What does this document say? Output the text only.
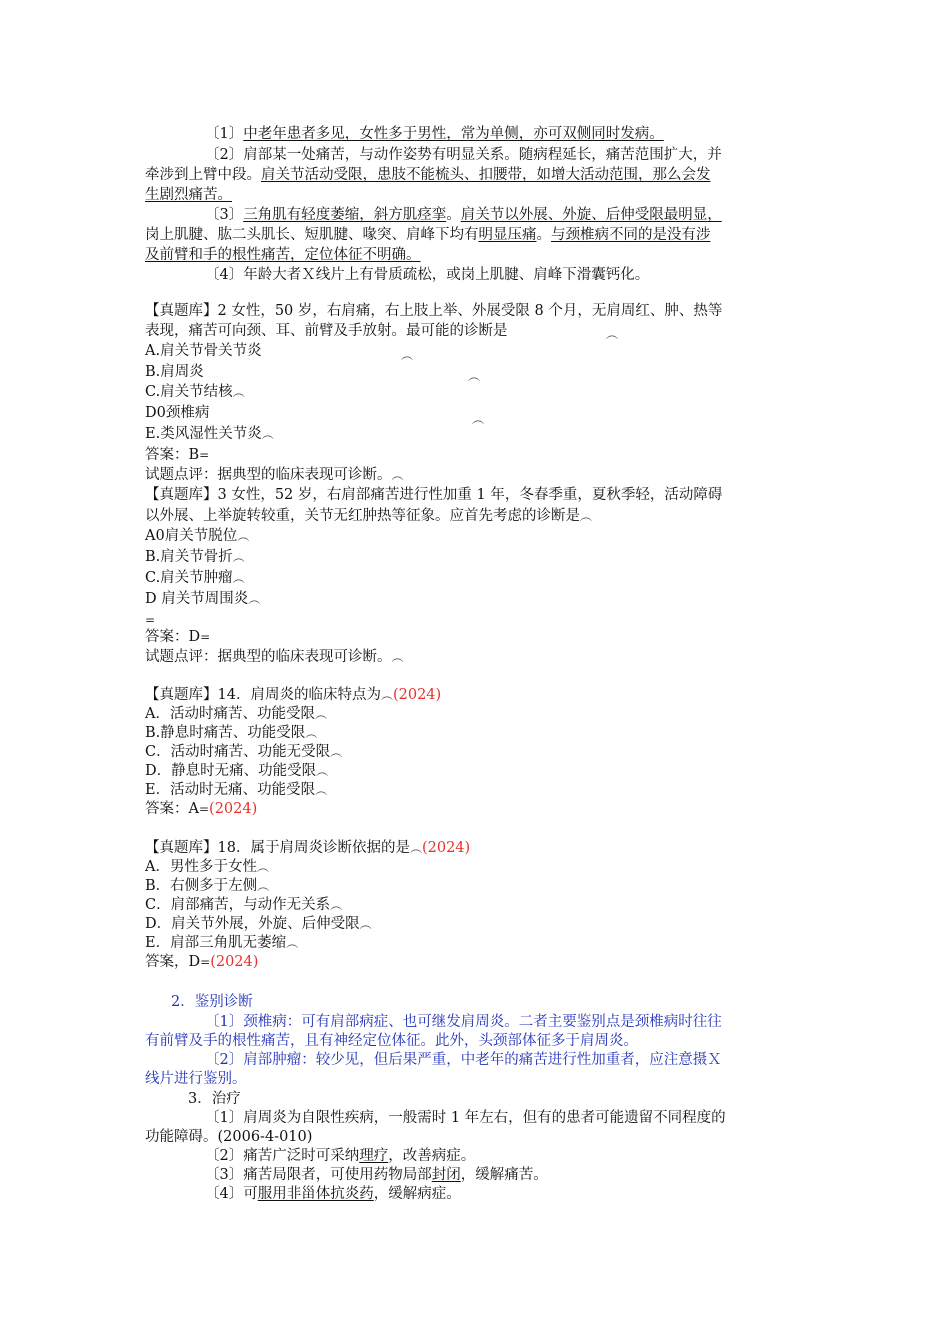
〔1〕中老年患者多见，女性多于男性，常为单侧，亦可双侧同时发病。
〔2〕肩部某一处痛苦，与动作姿势有明显关系。随病程延长，痛苦范围扩大，并
牵涉到上臂中段。肩关节活动受限，患肢不能梳头、扣腰带，如增大活动范围，那么会发
生剧烈痛苦。
〔3〕三角肌有轻度萎缩，斜方肌痉挛。肩关节以外展、外旋、后伸受限最明显，
岗上肌腱、肱二头肌长、短肌腱、喙突、肩峰下均有明显压痛。与颈椎病不同的是没有涉
及前臂和手的根性痛苦，定位体征不明确。
〔4〕年龄大者Ｘ线片上有骨质疏松，或岗上肌腱、肩峰下滑囊钙化。
【真题库】2 女性，50 岁，右肩痛，右上肢上举、外展受限 8 个月，无肩周红、肿、热等
表现，痛苦可向颈、耳、前臂及手放射。最可能的诊断是	︵
A.肩关节骨关节炎	︵
B.肩周炎	︵
C.肩关节结核︵
D0颈椎病	︵
E.类风湿性关节炎︵
答案：B=
试题点评：据典型的临床表现可诊断。︵
【真题库】3 女性，52 岁，右肩部痛苦进行性加重 1 年，冬春季重，夏秋季轻，活动障碍
以外展、上举旋转较重，关节无红肿热等征象。应首先考虑的诊断是︵
A0肩关节脱位︵
B.肩关节骨折︵
C.肩关节肿瘤︵
D 肩关节周围炎︵
=
答案：D=
试题点评：据典型的临床表现可诊断。︵
【真题库】14．肩周炎的临床特点为︵(2024)
A．活动时痛苦、功能受限︵
B.静息时痛苦、功能受限︵
C．活动时痛苦、功能无受限︵
D．静息时无痛、功能受限︵
E．活动时无痛、功能受限︵
答案：A=(2024)
【真题库】18．属于肩周炎诊断依据的是︵(2024)
A．男性多于女性︵
B．右侧多于左侧︵
C．肩部痛苦，与动作无关系︵
D．肩关节外展，外旋、后伸受限︵
E．肩部三角肌无萎缩︵
答案，D=(2024)
2．鉴别诊断
〔1〕颈椎病：可有肩部病症、也可继发肩周炎。二者主要鉴别点是颈椎病时往往
有前臂及手的根性痛苦，且有神经定位体征。此外，头颈部体征多于肩周炎。
〔2〕肩部肿瘤：较少见，但后果严重，中老年的痛苦进行性加重者，应注意摄Ｘ
线片进行鉴别。
3．治疗
〔1〕肩周炎为自限性疾病，一般需时 1 年左右，但有的患者可能遗留不同程度的
功能障碍。(2006-4-010)
〔2〕痛苦广泛时可采纳理疗，改善病症。
〔3〕痛苦局限者，可使用药物局部封闭，缓解痛苦。
〔4〕可服用非甾体抗炎药，缓解病症。
